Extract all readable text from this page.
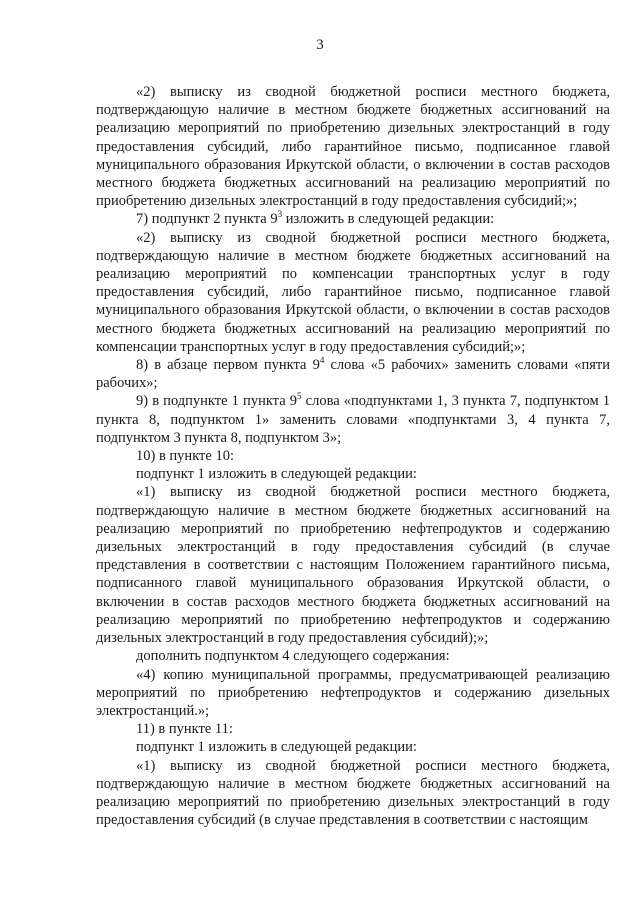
3

«2) выписку из сводной бюджетной росписи местного бюджета, подтверждающую наличие в местном бюджете бюджетных ассигнований на реализацию мероприятий по приобретению дизельных электростанций в году предоставления субсидий, либо гарантийное письмо, подписанное главой муниципального образования Иркутской области, о включении в состав расходов местного бюджета бюджетных ассигнований на реализацию мероприятий по приобретению дизельных электростанций в году предоставления субсидий;»;

7) подпункт 2 пункта $9^3$ изложить в следующей редакции:

«2) выписку из сводной бюджетной росписи местного бюджета, подтверждающую наличие в местном бюджете бюджетных ассигнований на реализацию мероприятий по компенсации транспортных услуг в году предоставления субсидий, либо гарантийное письмо, подписанное главой муниципального образования Иркутской области, о включении в состав расходов местного бюджета бюджетных ассигнований на реализацию мероприятий по компенсации транспортных услуг в году предоставления субсидий;»;

8) в абзаце первом пункта $9^4$ слова «5 рабочих» заменить словами «пяти рабочих»;

9) в подпункте 1 пункта $9^5$ слова «подпунктами 1, 3 пункта 7, подпунктом 1 пункта 8, подпунктом 1» заменить словами «подпунктами 3, 4 пункта 7, подпунктом 3 пункта 8, подпунктом 3»;

10) в пункте 10:

подпункт 1 изложить в следующей редакции:

«1) выписку из сводной бюджетной росписи местного бюджета, подтверждающую наличие в местном бюджете бюджетных ассигнований на реализацию мероприятий по приобретению нефтепродуктов и содержанию дизельных электростанций в году предоставления субсидий (в случае представления в соответствии с настоящим Положением гарантийного письма, подписанного главой муниципального образования Иркутской области, о включении в состав расходов местного бюджета бюджетных ассигнований на реализацию мероприятий по приобретению нефтепродуктов и содержанию дизельных электростанций в году предоставления субсидий);»;

дополнить подпунктом 4 следующего содержания:

«4) копию муниципальной программы, предусматривающей реализацию мероприятий по приобретению нефтепродуктов и содержанию дизельных электростанций.»;

11) в пункте 11:

подпункт 1 изложить в следующей редакции:

«1) выписку из сводной бюджетной росписи местного бюджета, подтверждающую наличие в местном бюджете бюджетных ассигнований на реализацию мероприятий по приобретению дизельных электростанций в году предоставления субсидий (в случае представления в соответствии с настоящим
